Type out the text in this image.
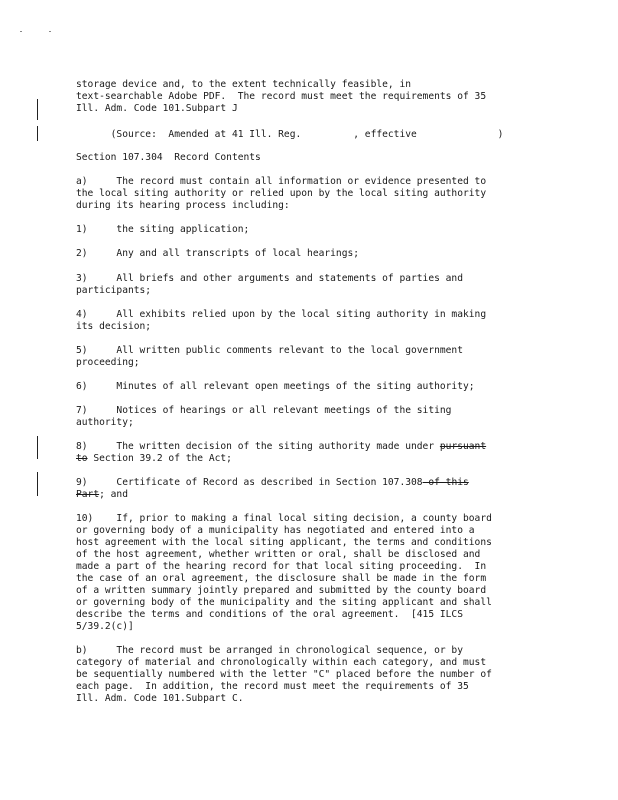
storage device and, to the extent technically feasible, in
text-searchable Adobe PDF.  The record must meet the requirements of 35
Ill. Adm. Code 101.Subpart J
(Source:  Amended at 41 Ill. Reg.         , effective              )
Section 107.304  Record Contents
a)     The record must contain all information or evidence presented to
the local siting authority or relied upon by the local siting authority
during its hearing process including:
1)     the siting application;
2)     Any and all transcripts of local hearings;
3)     All briefs and other arguments and statements of parties and
participants;
4)     All exhibits relied upon by the local siting authority in making
its decision;
5)     All written public comments relevant to the local government
proceeding;
6)     Minutes of all relevant open meetings of the siting authority;
7)     Notices of hearings or all relevant meetings of the siting
authority;
8)     The written decision of the siting authority made under pursuant
to Section 39.2 of the Act;
9)     Certificate of Record as described in Section 107.308 of this
Part; and
10)    If, prior to making a final local siting decision, a county board
or governing body of a municipality has negotiated and entered into a
host agreement with the local siting applicant, the terms and conditions
of the host agreement, whether written or oral, shall be disclosed and
made a part of the hearing record for that local siting proceeding.  In
the case of an oral agreement, the disclosure shall be made in the form
of a written summary jointly prepared and submitted by the county board
or governing body of the municipality and the siting applicant and shall
describe the terms and conditions of the oral agreement.  [415 ILCS
5/39.2(c)]
b)     The record must be arranged in chronological sequence, or by
category of material and chronologically within each category, and must
be sequentially numbered with the letter "C" placed before the number of
each page.  In addition, the record must meet the requirements of 35
Ill. Adm. Code 101.Subpart C.
